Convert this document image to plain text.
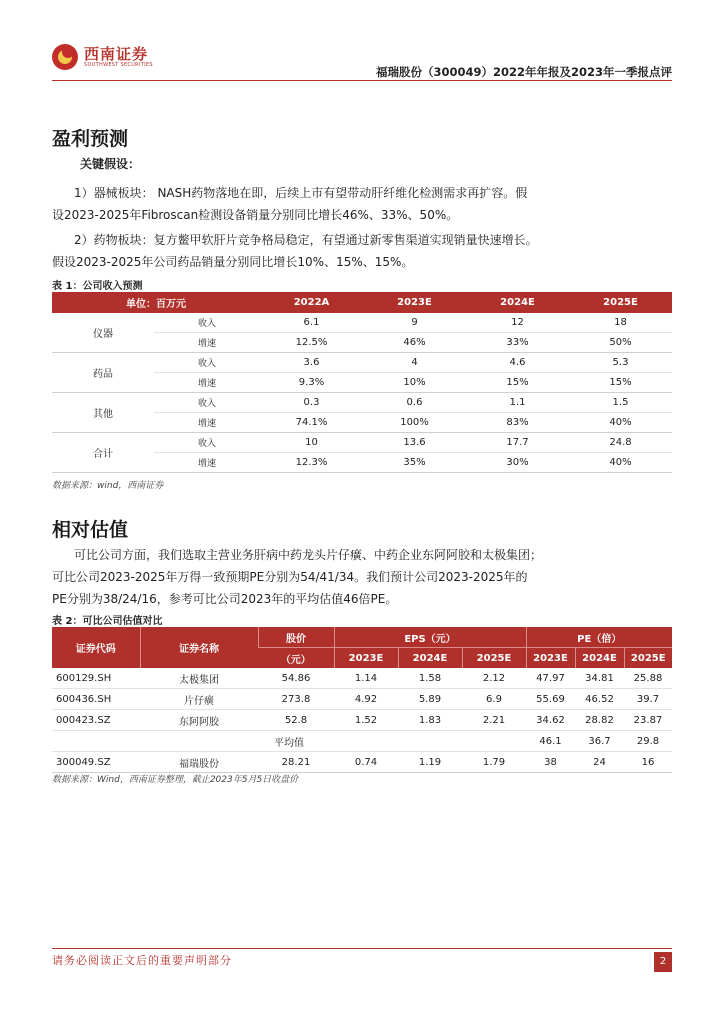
西南证券
SOUTHWEST SECURITIES	福瑞股份（300049）2022年年报及2023年一季报点评
盈利预测

关键假设：

1）器械板块： NASH药物落地在即，后续上市有望带动肝纤维化检测需求再扩容。假
设2023-2025年Fibroscan检测设备销量分别同比增长46%、33%、50%。

2）药物板块：复方鳖甲软肝片竞争格局稳定，有望通过新零售渠道实现销量快速增长。
假设2023-2025年公司药品销量分别同比增长10%、15%、15%。

表 1：公司收入预测

单位：百万元		2022A	2023E	2024E	2025E
仪器	收入	6.1	9	12	18
	增速	12.5%	46%	33%	50%
药品	收入	3.6	4	4.6	5.3
	增速	9.3%	10%	15%	15%
其他	收入	0.3	0.6	1.1	1.5
	增速	74.1%	100%	83%	40%
合计	收入	10	13.6	17.7	24.8
	增速	12.3%	35%	30%	40%

数据来源：wind，西南证券

相对估值

可比公司方面，我们选取主营业务肝病中药龙头片仔癀、中药企业东阿阿胶和太极集团；
可比公司2023-2025年万得一致预期PE分别为54/41/34。我们预计公司2023-2025年的
PE分别为38/24/16，参考可比公司2023年的平均估值46倍PE。

表 2：可比公司估值对比

证券代码	证券名称	股价	EPS（元）			PE（倍）		
		（元）	2023E	2024E	2025E	2023E	2024E	2025E
600129.SH	太极集团	54.86	1.14	1.58	2.12	47.97	34.81	25.88
600436.SH	片仔癀	273.8	4.92	5.89	6.9	55.69	46.52	39.7
000423.SZ	东阿阿胶	52.8	1.52	1.83	2.21	34.62	28.82	23.87
平均值						46.1	36.7	29.8
300049.SZ	福瑞股份	28.21	0.74	1.19	1.79	38	24	16

数据来源：Wind，西南证券整理，截止2023年5月5日收盘价

请务必阅读正文后的重要声明部分	2
